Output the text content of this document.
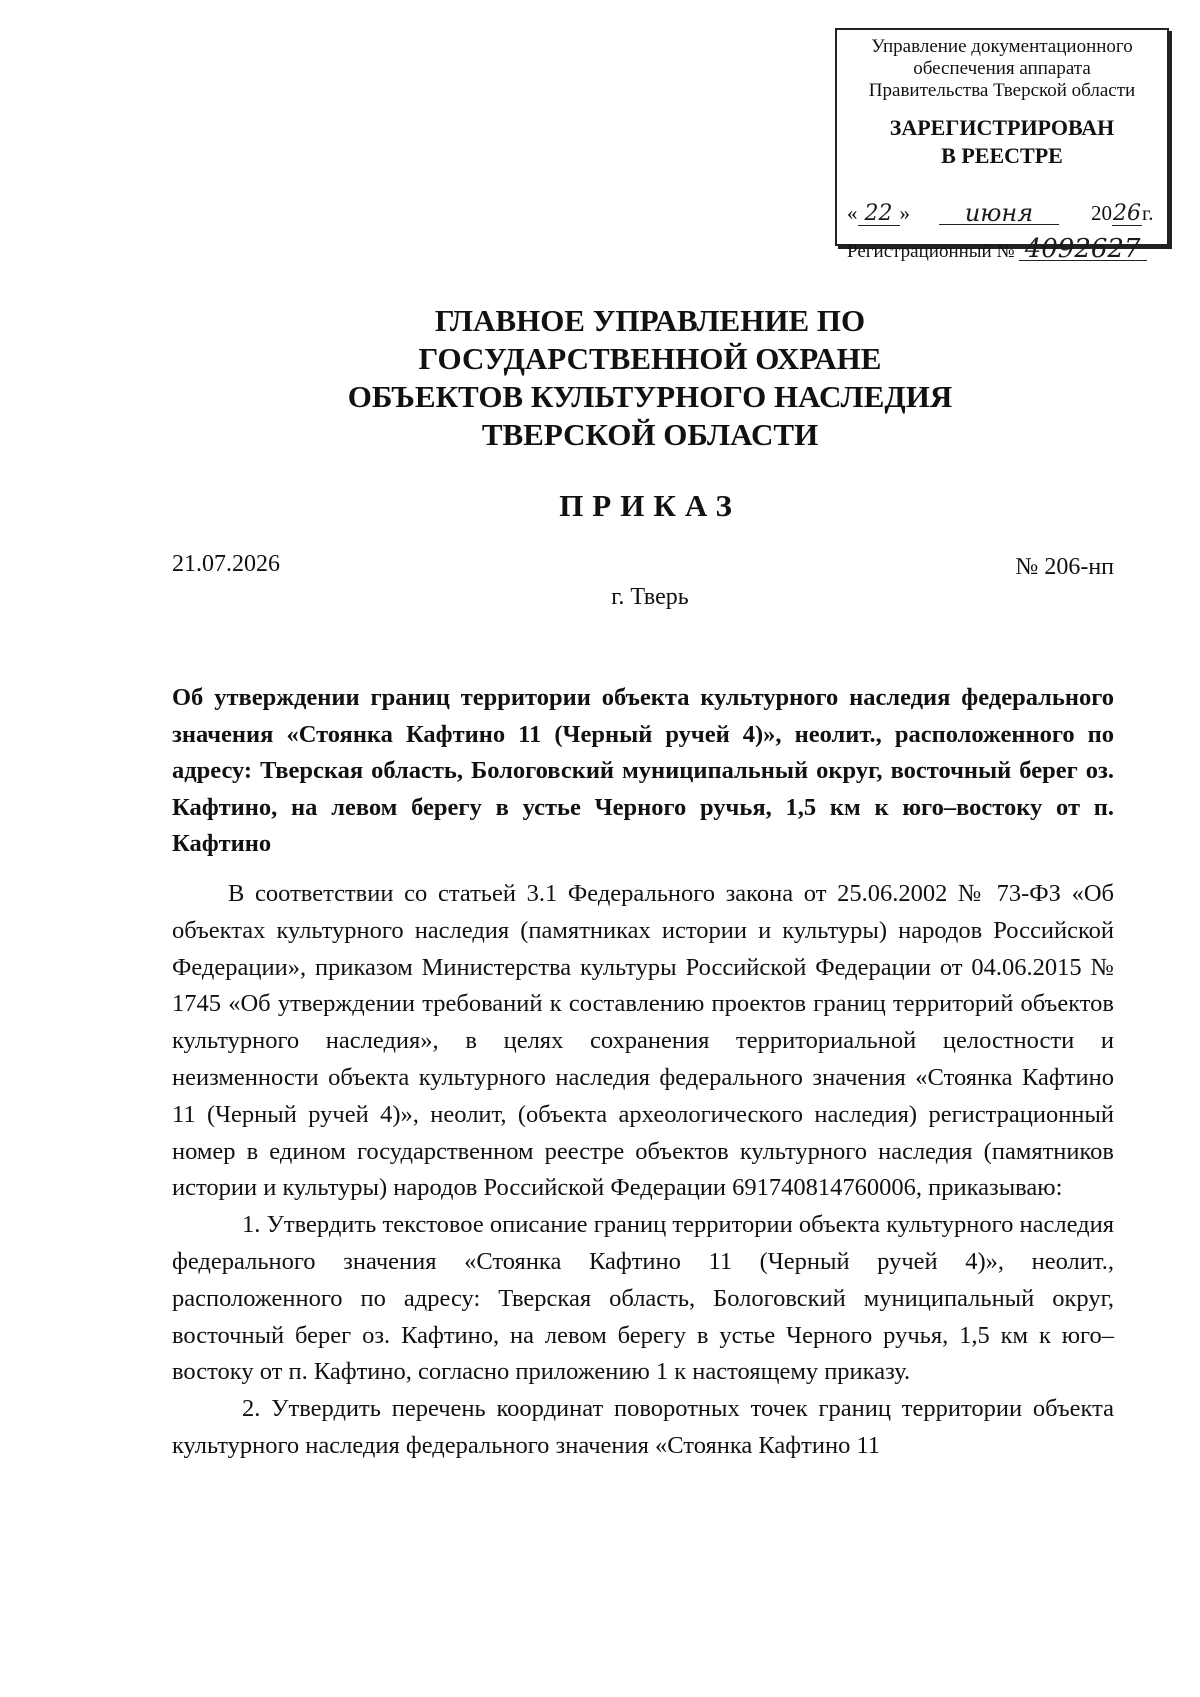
Управление документационного
обеспечения аппарата
Правительства Тверской области
ЗАРЕГИСТРИРОВАН
В РЕЕСТРЕ
« 22 »	июня	2026г.
Регистрационный № 4092627
ГЛАВНОЕ УПРАВЛЕНИЕ ПО
ГОСУДАРСТВЕННОЙ ОХРАНЕ
ОБЪЕКТОВ КУЛЬТУРНОГО НАСЛЕДИЯ
ТВЕРСКОЙ ОБЛАСТИ
ПРИКАЗ
21.07.2026	№ 206-нп
г. Тверь
Об утверждении границ территории объекта культурного наследия федерального значения «Стоянка Кафтино 11 (Черный ручей 4)», неолит., расположенного по адресу: Тверская область, Бологовский муниципальный округ, восточный берег оз. Кафтино, на левом берегу в устье Черного ручья, 1,5 км к юго–востоку от п. Кафтино

В соответствии со статьей 3.1 Федерального закона от 25.06.2002 № 73-ФЗ «Об объектах культурного наследия (памятниках истории и культуры) народов Российской Федерации», приказом Министерства культуры Российской Федерации от 04.06.2015 № 1745 «Об утверждении требований к составлению проектов границ территорий объектов культурного наследия», в целях сохранения территориальной целостности и неизменности объекта культурного наследия федерального значения «Стоянка Кафтино 11 (Черный ручей 4)», неолит, (объекта археологического наследия) регистрационный номер в едином государственном реестре объектов культурного наследия (памятников истории и культуры) народов Российской Федерации 691740814760006, приказываю:

1. Утвердить текстовое описание границ территории объекта культурного наследия федерального значения «Стоянка Кафтино 11 (Черный ручей 4)», неолит., расположенного по адресу: Тверская область, Бологовский муниципальный округ, восточный берег оз. Кафтино, на левом берегу в устье Черного ручья, 1,5 км к юго–востоку от п. Кафтино, согласно приложению 1 к настоящему приказу.

2. Утвердить перечень координат поворотных точек границ территории объекта культурного наследия федерального значения «Стоянка Кафтино 11
